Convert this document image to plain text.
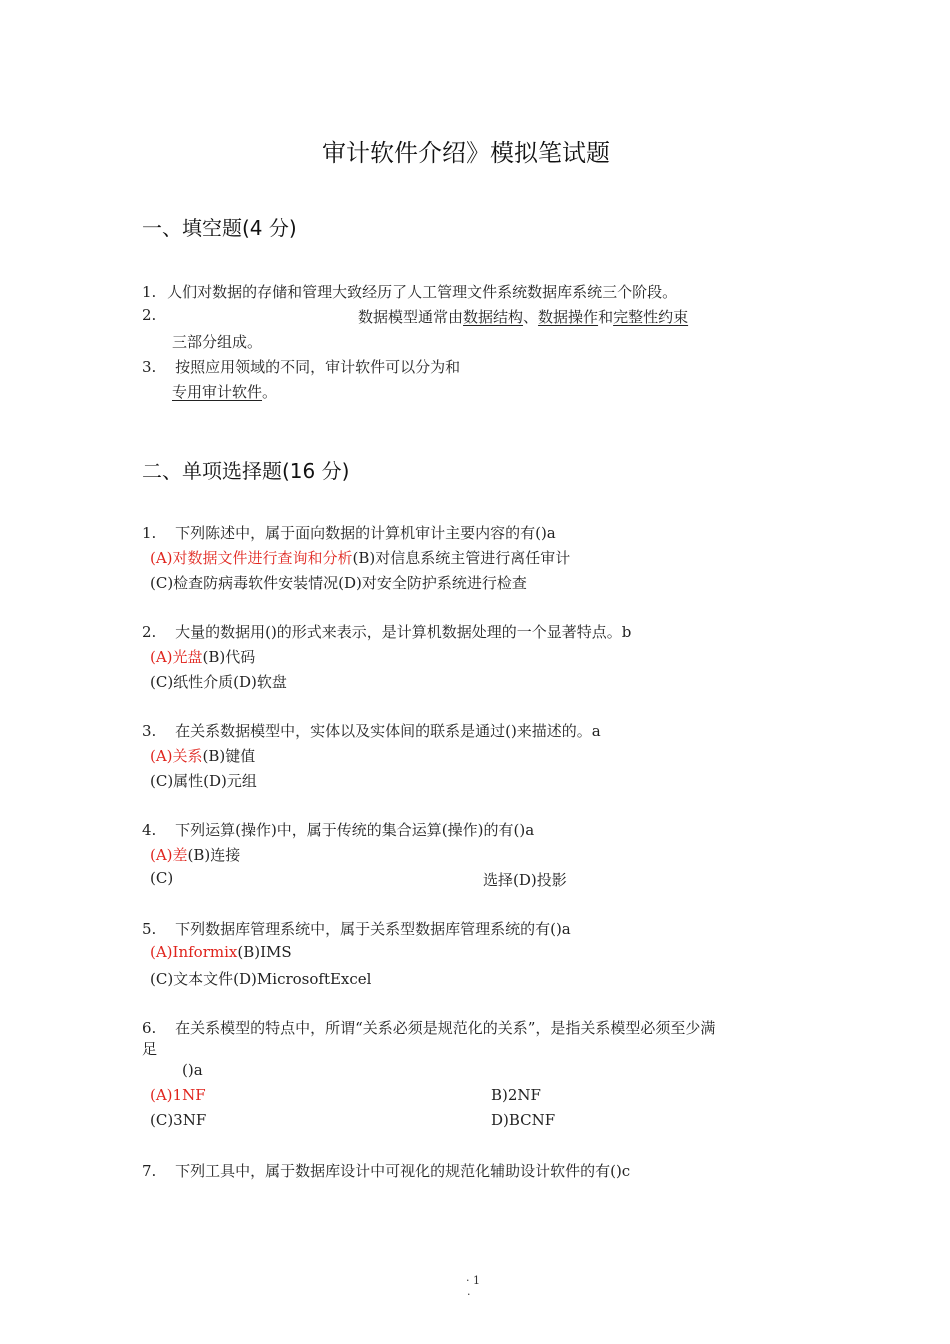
审计软件介绍》模拟笔试题
一、填空题(4 分)
1. 人们对数据的存储和管理大致经历了人工管理文件系统数据库系统三个阶段。
2.	数据模型通常由数据结构、数据操作和完整性约束
三部分组成。
3. 按照应用领域的不同，审计软件可以分为和
专用审计软件。
二、单项选择题(16 分)
1. 下列陈述中，属于面向数据的计算机审计主要内容的有()a
(A)对数据文件进行查询和分析(B)对信息系统主管进行离任审计
(C)检查防病毒软件安装情况(D)对安全防护系统进行检查
2. 大量的数据用()的形式来表示，是计算机数据处理的一个显著特点。b
(A)光盘(B)代码
(C)纸性介质(D)软盘
3. 在关系数据模型中，实体以及实体间的联系是通过()来描述的。a
(A)关系(B)键值
(C)属性(D)元组
4. 下列运算(操作)中，属于传统的集合运算(操作)的有()a
(A)差(B)连接
(C)	选择(D)投影
5. 下列数据库管理系统中，属于关系型数据库管理系统的有()a
(A)Informix(B)IMS
(C)文本文件(D)MicrosoftExcel
6. 在关系模型的特点中，所谓“关系必须是规范化的关系”，是指关系模型必须至少满
足
()a
(A)1NF	B)2NF
(C)3NF	D)BCNF
7. 下列工具中，属于数据库设计中可视化的规范化辅助设计软件的有()c
· 1
·
